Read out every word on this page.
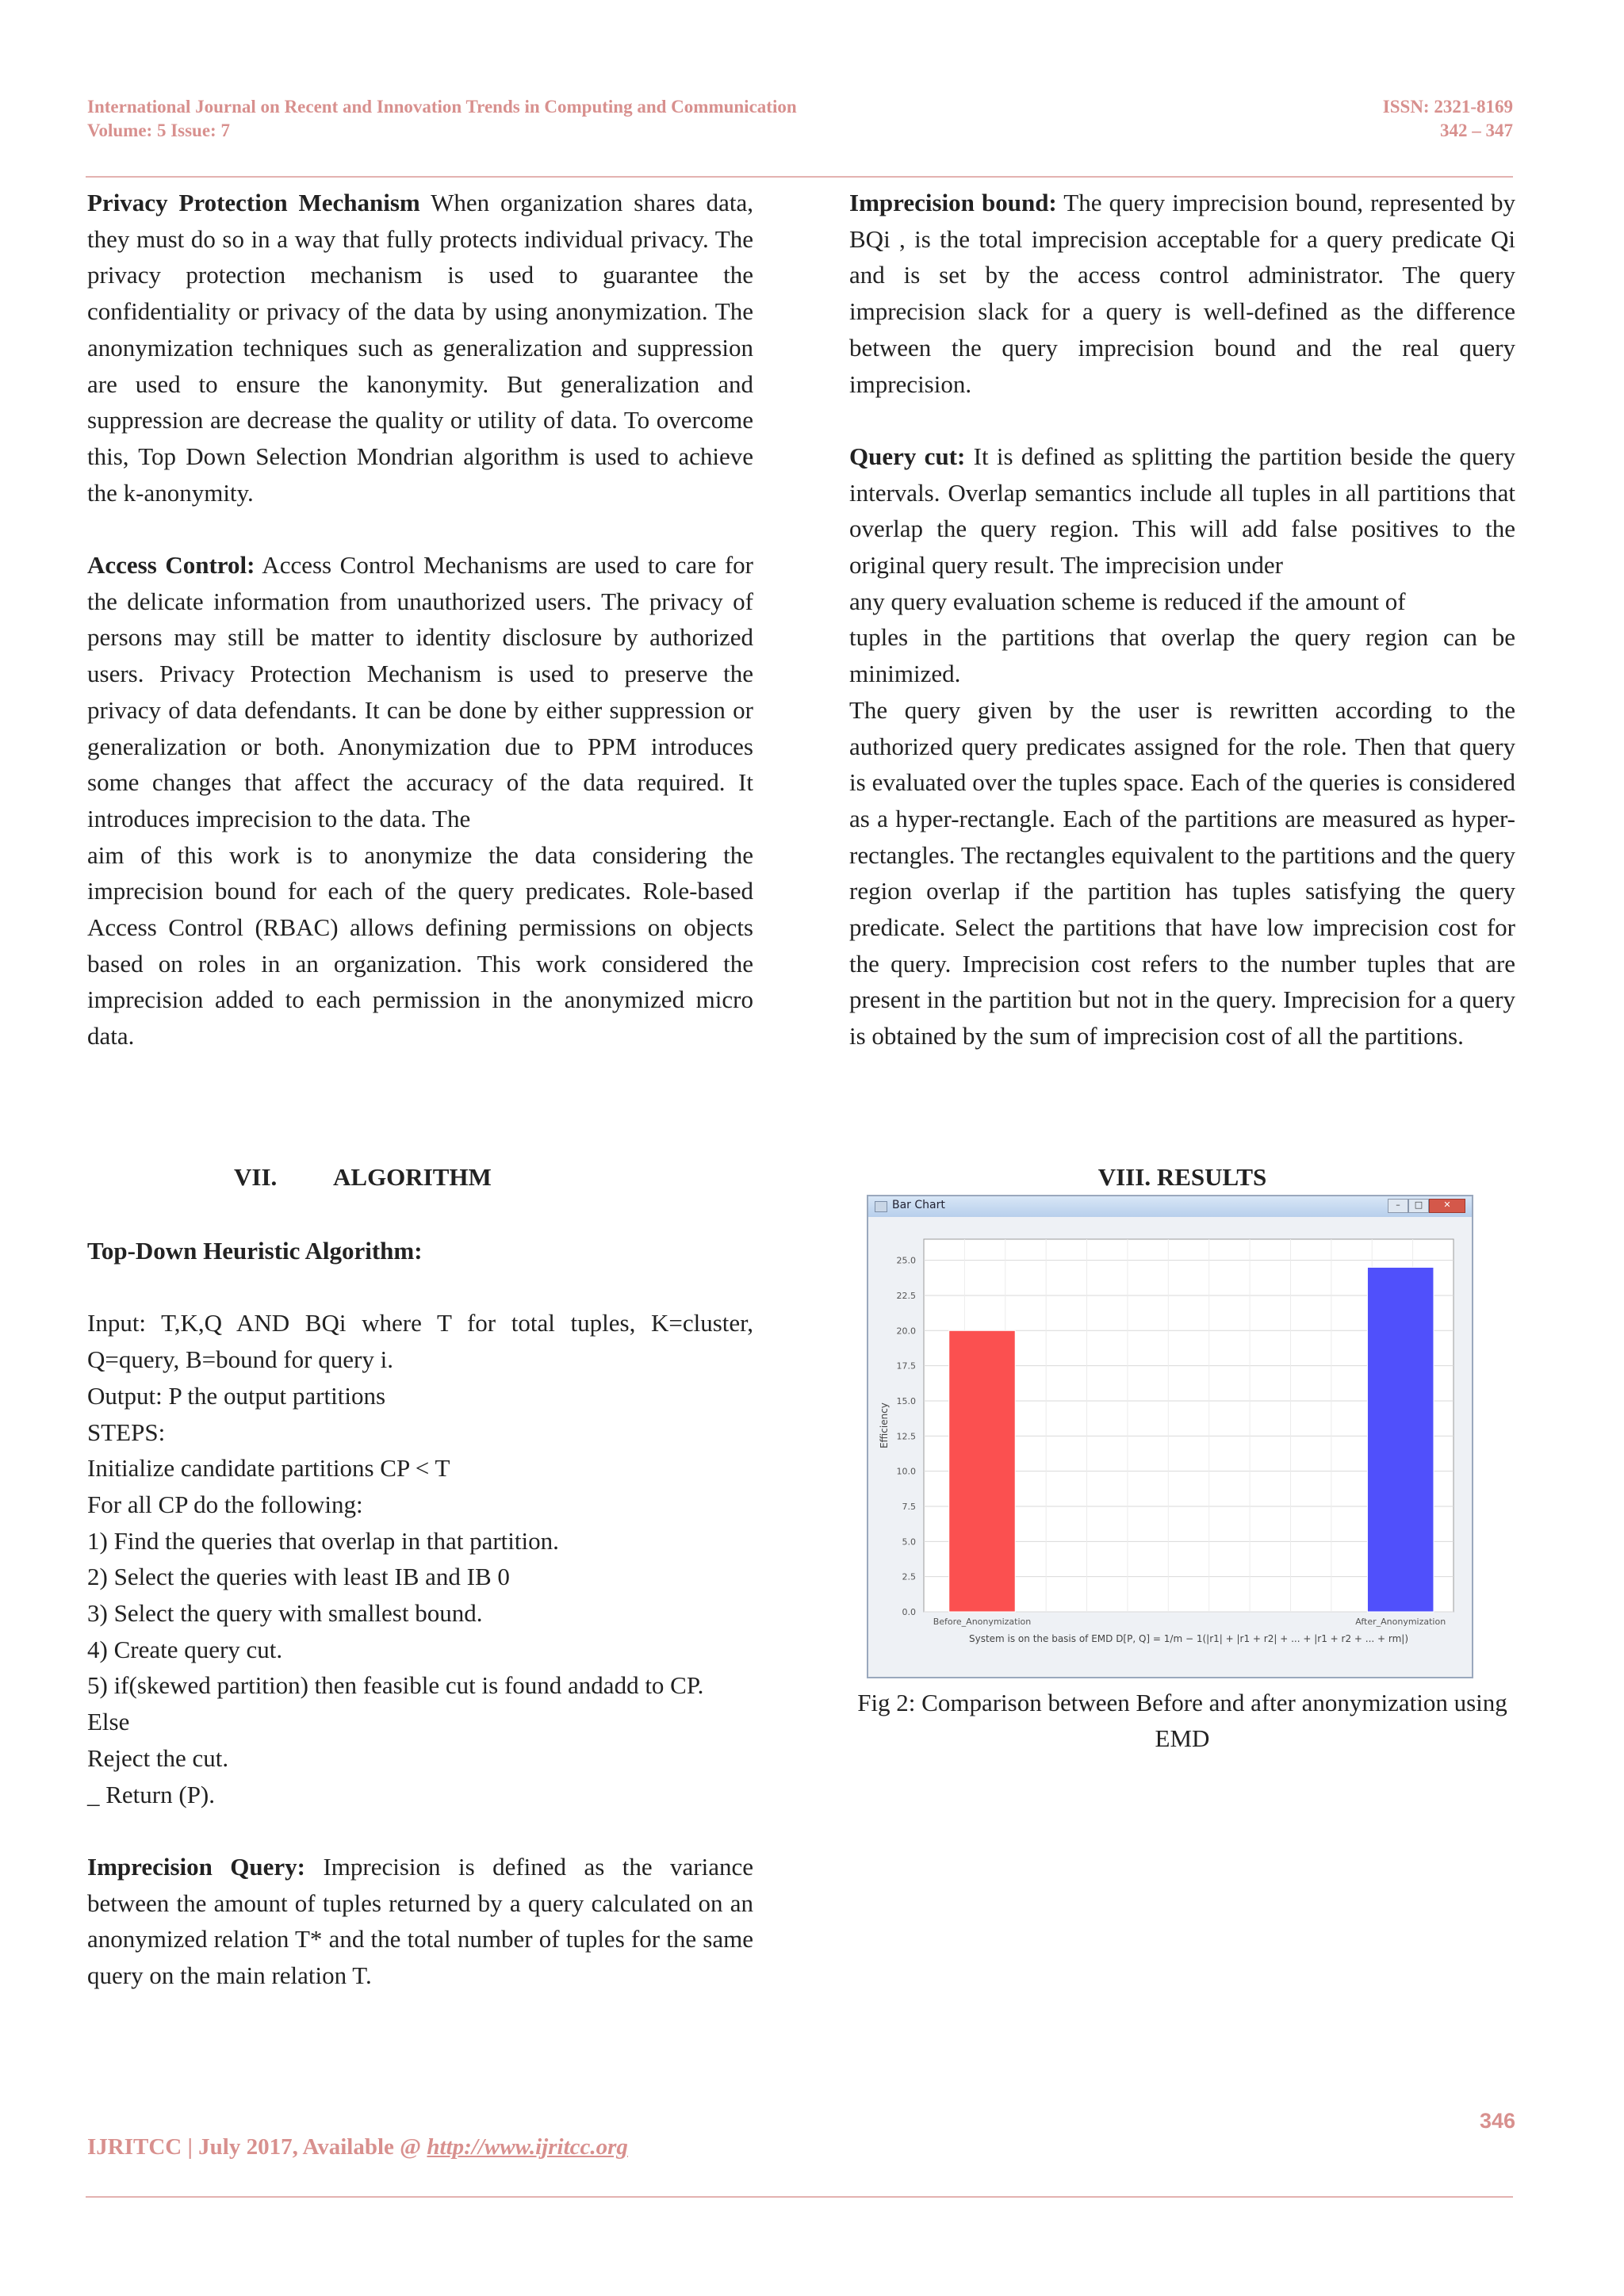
International Journal on Recent and Innovation Trends in Computing and Communication
Volume: 5 Issue: 7
ISSN: 2321-8169
342 – 347

Privacy Protection Mechanism When organization shares data, they must do so in a way that fully protects individual privacy. The privacy protection mechanism is used to guarantee the confidentiality or privacy of the data by using anonymization. The anonymization techniques such as generalization and suppression are used to ensure the kanonymity. But generalization and suppression are decrease the quality or utility of data. To overcome this, Top Down Selection Mondrian algorithm is used to achieve the k-anonymity.

Access Control: Access Control Mechanisms are used to care for the delicate information from unauthorized users. The privacy of persons may still be matter to identity disclosure by authorized users. Privacy Protection Mechanism is used to preserve the privacy of data defendants. It can be done by either suppression or generalization or both. Anonymization due to PPM introduces some changes that affect the accuracy of the data required. It introduces imprecision to the data. The

aim of this work is to anonymize the data considering the imprecision bound for each of the query predicates. Role-based Access Control (RBAC) allows defining permissions on objects based on roles in an organization. This work considered the imprecision added to each permission in the anonymized micro data.

VII. ALGORITHM

Top-Down Heuristic Algorithm:

Input: T,K,Q AND BQi where T for total tuples, K=cluster, Q=query, B=bound for query i.
Output: P the output partitions
STEPS:
Initialize candidate partitions CP < T
For all CP do the following:
1) Find the queries that overlap in that partition.
2) Select the queries with least IB and IB 0
3) Select the query with smallest bound.
4) Create query cut.
5) if(skewed partition) then feasible cut is found andadd to CP.
Else
Reject the cut.
_ Return (P).

Imprecision Query: Imprecision is defined as the variance between the amount of tuples returned by a query calculated on an anonymized relation T* and the total number of tuples for the same query on the main relation T.

Imprecision bound: The query imprecision bound, represented by BQi , is the total imprecision acceptable for a query predicate Qi and is set by the access control administrator. The query imprecision slack for a query is well-defined as the difference between the query imprecision bound and the real query imprecision.

Query cut: It is defined as splitting the partition beside the query intervals. Overlap semantics include all tuples in all partitions that overlap the query region. This will add false positives to the original query result. The imprecision under

any query evaluation scheme is reduced if the amount of

tuples in the partitions that overlap the query region can be minimized.

The query given by the user is rewritten according to the authorized query predicates assigned for the role. Then that query is evaluated over the tuples space. Each of the queries is considered as a hyper-rectangle. Each of the partitions are measured as hyper-rectangles. The rectangles equivalent to the partitions and the query region overlap if the partition has tuples satisfying the query predicate. Select the partitions that have low imprecision cost for the query. Imprecision cost refers to the number tuples that are present in the partition but not in the query. Imprecision for a query is obtained by the sum of imprecision cost of all the partitions.

VIII. RESULTS
Bar Chart	–	□	✕
0.0
2.5
5.0
7.5
10.0
12.5
15.0
17.5
20.0
22.5
25.0
Before_Anonymization	After_Anonymization
Efficiency
System is on the basis of EMD D[P, Q] = 1/m − 1(|r1| + |r1 + r2| + ... + |r1 + r2 + ... + rm|)
Fig 2: Comparison between Before and after anonymization using EMD
346
IJRITCC | July 2017, Available @ http://www.ijritcc.org
